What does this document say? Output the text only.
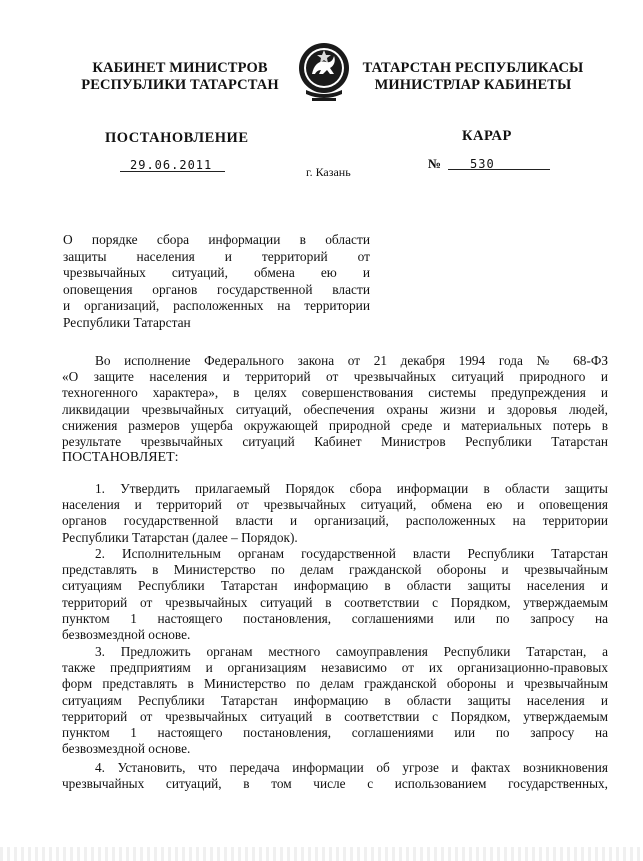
КАБИНЕТ МИНИСТРОВ
РЕСПУБЛИКИ ТАТАРСТАН
ТАТАРСТАН РЕСПУБЛИКАСЫ
МИНИСТРЛАР КАБИНЕТЫ
ПОСТАНОВЛЕНИЕ	КАРАР
29.06.2011	г. Казань
№ 530
О порядке сбора информации в области
защиты населения и территорий от
чрезвычайных ситуаций, обмена ею и
оповещения органов государственной власти
и организаций, расположенных на территории
Республики Татарстан
Во исполнение Федерального закона от 21 декабря 1994 года № 68-ФЗ
«О защите населения и территорий от чрезвычайных ситуаций природного и
техногенного характера», в целях совершенствования системы предупреждения и
ликвидации чрезвычайных ситуаций, обеспечения охраны жизни и здоровья людей,
снижения размеров ущерба окружающей природной среде и материальных потерь в
результате чрезвычайных ситуаций Кабинет Министров Республики Татарстан
ПОСТАНОВЛЯЕТ:
1. Утвердить прилагаемый Порядок сбора информации в области защиты
населения и территорий от чрезвычайных ситуаций, обмена ею и оповещения
органов государственной власти и организаций, расположенных на территории
Республики Татарстан (далее – Порядок).
2. Исполнительным органам государственной власти Республики Татарстан
представлять в Министерство по делам гражданской обороны и чрезвычайным
ситуациям Республики Татарстан информацию в области защиты населения и
территорий от чрезвычайных ситуаций в соответствии с Порядком, утверждаемым
пунктом 1 настоящего постановления, соглашениями или по запросу на
безвозмездной основе.
3. Предложить органам местного самоуправления Республики Татарстан, а
также предприятиям и организациям независимо от их организационно-правовых
форм представлять в Министерство по делам гражданской обороны и чрезвычайным
ситуациям Республики Татарстан информацию в области защиты населения и
территорий от чрезвычайных ситуаций в соответствии с Порядком, утверждаемым
пунктом 1 настоящего постановления, соглашениями или по запросу на
безвозмездной основе.
4. Установить, что передача информации об угрозе и фактах возникновения
чрезвычайных ситуаций, в том числе с использованием государственных,
